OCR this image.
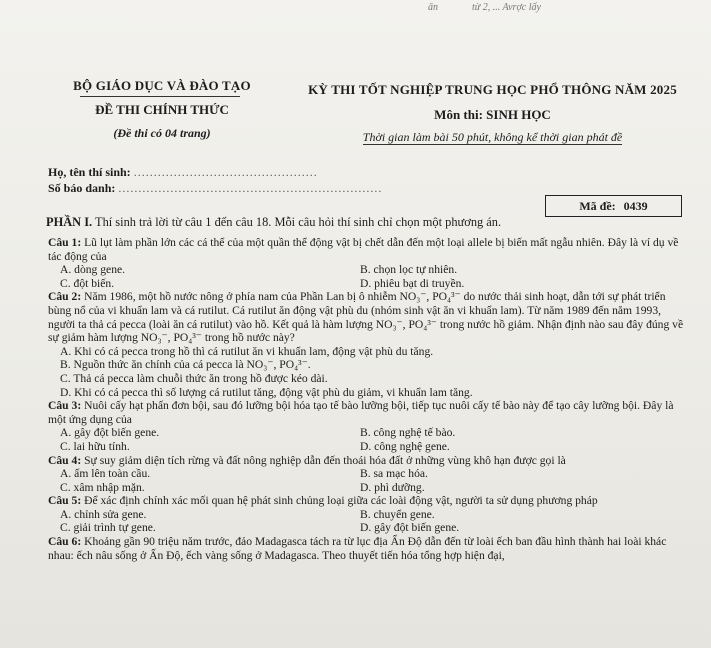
ān	từ 2, ... Avrợc lấy
BỘ GIÁO DỤC VÀ ĐÀO TẠO
ĐỀ THI CHÍNH THỨC
(Đề thi có 04 trang)
KỲ THI TỐT NGHIỆP TRUNG HỌC PHỔ THÔNG NĂM 2025
Môn thi: SINH HỌC
Thời gian làm bài 50 phút, không kể thời gian phát đề
Họ, tên thí sinh: ..............................................
Số báo danh: ..................................................................
Mã đề: 0439
PHẦN I. Thí sinh trả lời từ câu 1 đến câu 18. Mỗi câu hỏi thí sinh chỉ chọn một phương án.
Câu 1: Lũ lụt làm phần lớn các cá thể của một quần thể động vật bị chết dẫn đến một loại allele bị biến mất ngẫu nhiên. Đây là ví dụ về tác động của
A. dòng gene.	B. chọn lọc tự nhiên.
C. đột biến.	D. phiêu bạt di truyền.
Câu 2: Năm 1986, một hồ nước nông ở phía nam của Phần Lan bị ô nhiễm NO₃⁻, PO₄³⁻ do nước thải sinh hoạt, dẫn tới sự phát triển bùng nổ của vi khuẩn lam và cá rutilut. Cá rutilut ăn động vật phù du (nhóm sinh vật ăn vi khuẩn lam). Từ năm 1989 đến năm 1993, người ta thả cá pecca (loài ăn cá rutilut) vào hồ. Kết quả là hàm lượng NO₃⁻, PO₄³⁻ trong nước hồ giảm. Nhận định nào sau đây đúng về sự giảm hàm lượng NO₃⁻, PO₄³⁻ trong hồ nước này?
A. Khi có cá pecca trong hồ thì cá rutilut ăn vi khuẩn lam, động vật phù du tăng.
B. Nguồn thức ăn chính của cá pecca là NO₃⁻, PO₄³⁻.
C. Thả cá pecca làm chuỗi thức ăn trong hồ được kéo dài.
D. Khi có cá pecca thì số lượng cá rutilut tăng, động vật phù du giảm, vi khuẩn lam tăng.
Câu 3: Nuôi cấy hạt phấn đơn bội, sau đó lưỡng bội hóa tạo tế bào lưỡng bội, tiếp tục nuôi cấy tế bào này để tạo cây lưỡng bội. Đây là một ứng dụng của
A. gây đột biến gene.	B. công nghệ tế bào.
C. lai hữu tính.	D. công nghệ gene.
Câu 4: Sự suy giảm diện tích rừng và đất nông nghiệp dẫn đến thoái hóa đất ở những vùng khô hạn được gọi là
A. ấm lên toàn cầu.	B. sa mạc hóa.
C. xâm nhập mặn.	D. phì dưỡng.
Câu 5: Để xác định chính xác mối quan hệ phát sinh chủng loại giữa các loài động vật, người ta sử dụng phương pháp
A. chỉnh sửa gene.	B. chuyển gene.
C. giải trình tự gene.	D. gây đột biến gene.
Câu 6: Khoảng gần 90 triệu năm trước, đảo Madagasca tách ra từ lục địa Ấn Độ dẫn đến từ loài ếch ban đầu hình thành hai loài khác nhau: ếch nâu sống ở Ấn Độ, ếch vàng sống ở Madagasca. Theo thuyết tiến hóa tổng hợp hiện đại,
